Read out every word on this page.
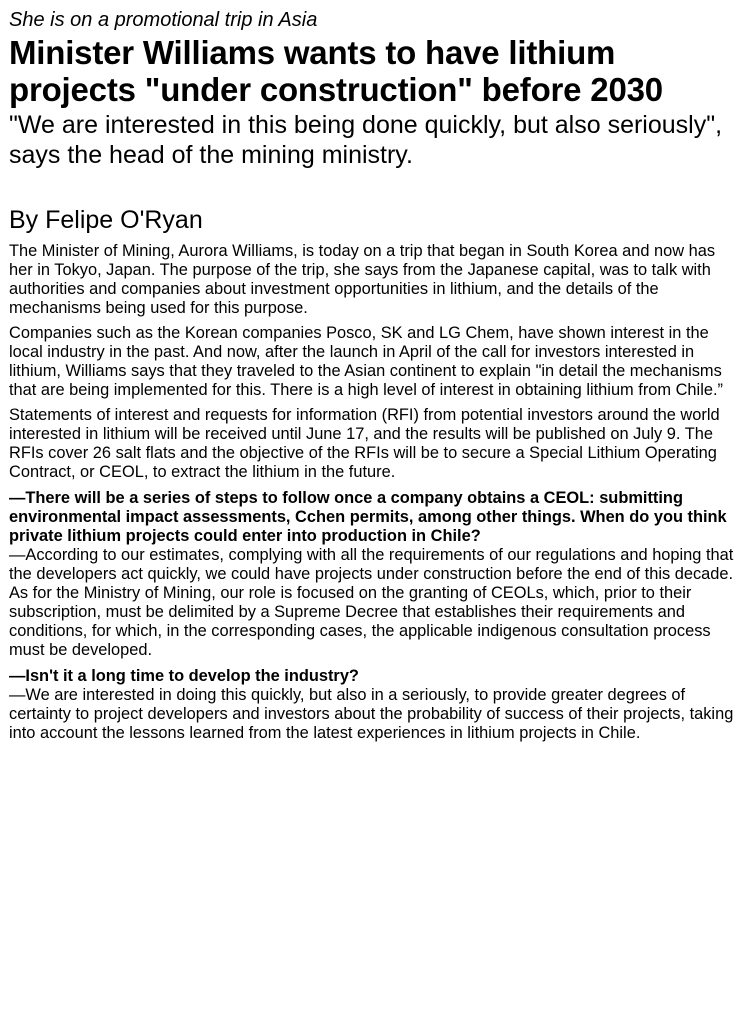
She is on a promotional trip in Asia

Minister Williams wants to have lithium projects "under construction" before 2030

"We are interested in this being done quickly, but also seriously", says the head of the mining ministry.

By Felipe O'Ryan

The Minister of Mining, Aurora Williams, is today on a trip that began in South Korea and now has her in Tokyo, Japan. The purpose of the trip, she says from the Japanese capital, was to talk with authorities and companies about investment opportunities in lithium, and the details of the mechanisms being used for this purpose.

Companies such as the Korean companies Posco, SK and LG Chem, have shown interest in the local industry in the past. And now, after the launch in April of the call for investors interested in lithium, Williams says that they traveled to the Asian continent to explain "in detail the mechanisms that are being implemented for this. There is a high level of interest in obtaining lithium from Chile.”

Statements of interest and requests for information (RFI) from potential investors around the world interested in lithium will be received until June 17, and the results will be published on July 9. The RFIs cover 26 salt flats and the objective of the RFIs will be to secure a Special Lithium Operating Contract, or CEOL, to extract the lithium in the future.

—There will be a series of steps to follow once a company obtains a CEOL: submitting environmental impact assessments, Cchen permits, among other things. When do you think private lithium projects could enter into production in Chile?

—According to our estimates, complying with all the requirements of our regulations and hoping that the developers act quickly, we could have projects under construction before the end of this decade. As for the Ministry of Mining, our role is focused on the granting of CEOLs, which, prior to their subscription, must be delimited by a Supreme Decree that establishes their requirements and conditions, for which, in the corresponding cases, the applicable indigenous consultation process must be developed.

—Isn't it a long time to develop the industry?

—We are interested in doing this quickly, but also in a seriously, to provide greater degrees of certainty to project developers and investors about the probability of success of their projects, taking into account the lessons learned from the latest experiences in lithium projects in Chile.
